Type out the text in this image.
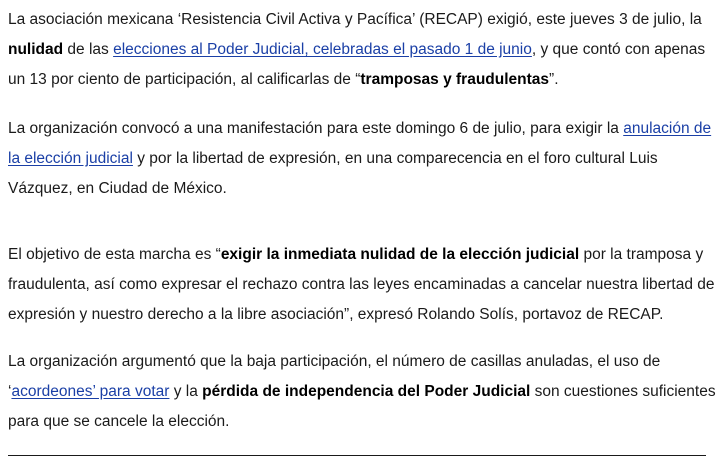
La asociación mexicana ‘Resistencia Civil Activa y Pacífica’ (RECAP) exigió, este jueves 3 de julio, la nulidad de las elecciones al Poder Judicial, celebradas el pasado 1 de junio, y que contó con apenas un 13 por ciento de participación, al calificarlas de “tramposas y fraudulentas”.

La organización convocó a una manifestación para este domingo 6 de julio, para exigir la anulación de la elección judicial y por la libertad de expresión, en una comparecencia en el foro cultural Luis Vázquez, en Ciudad de México.

El objetivo de esta marcha es “exigir la inmediata nulidad de la elección judicial por la tramposa y fraudulenta, así como expresar el rechazo contra las leyes encaminadas a cancelar nuestra libertad de expresión y nuestro derecho a la libre asociación”, expresó Rolando Solís, portavoz de RECAP.

La organización argumentó que la baja participación, el número de casillas anuladas, el uso de ‘acordeones’ para votar y la pérdida de independencia del Poder Judicial son cuestiones suficientes para que se cancele la elección.
